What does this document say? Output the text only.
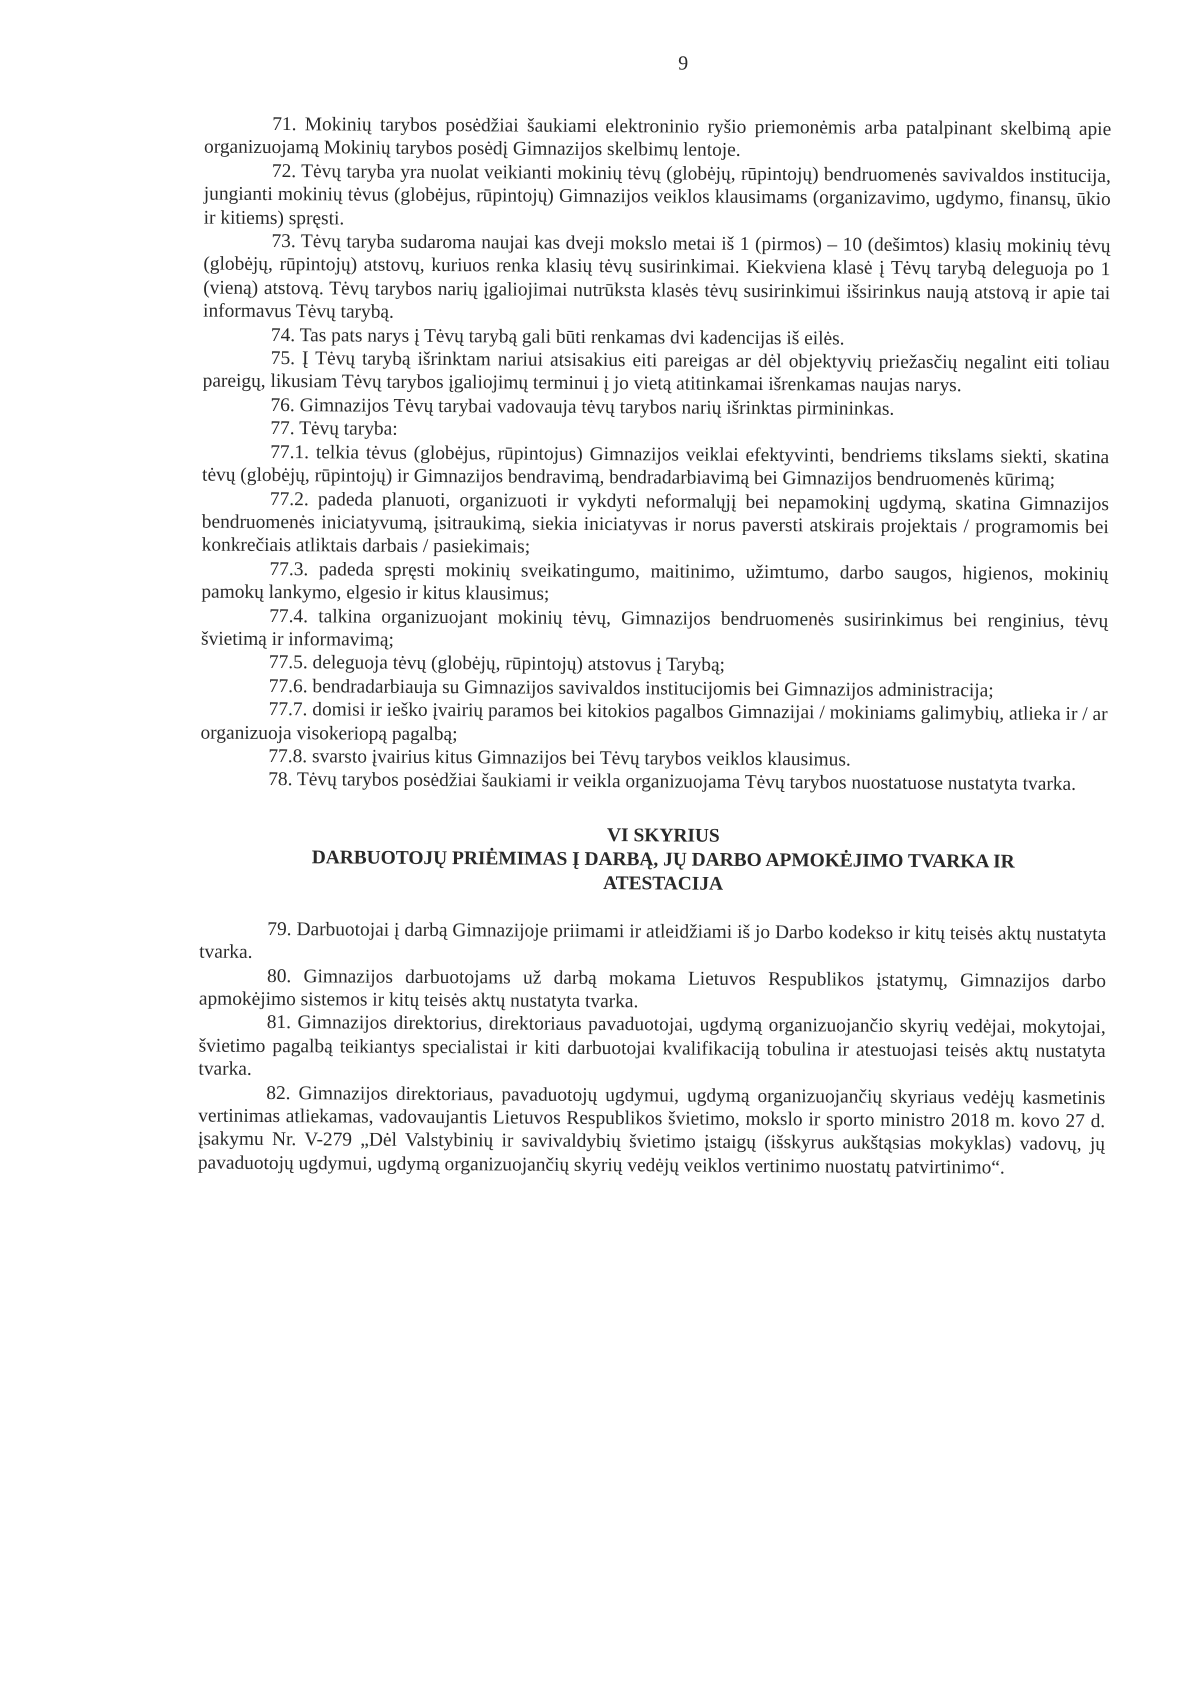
9

71. Mokinių tarybos posėdžiai šaukiami elektroninio ryšio priemonėmis arba patalpinant skelbimą apie organizuojamą Mokinių tarybos posėdį Gimnazijos skelbimų lentoje.

72. Tėvų taryba yra nuolat veikianti mokinių tėvų (globėjų, rūpintojų) bendruomenės savivaldos institucija, jungianti mokinių tėvus (globėjus, rūpintojų) Gimnazijos veiklos klausimams (organizavimo, ugdymo, finansų, ūkio ir kitiems) spręsti.

73. Tėvų taryba sudaroma naujai kas dveji mokslo metai iš 1 (pirmos) – 10 (dešimtos) klasių mokinių tėvų (globėjų, rūpintojų) atstovų, kuriuos renka klasių tėvų susirinkimai. Kiekviena klasė į Tėvų tarybą deleguoja po 1 (vieną) atstovą. Tėvų tarybos narių įgaliojimai nutrūksta klasės tėvų susirinkimui išsirinkus naują atstovą ir apie tai informavus Tėvų tarybą.

74. Tas pats narys į Tėvų tarybą gali būti renkamas dvi kadencijas iš eilės.

75. Į Tėvų tarybą išrinktam nariui atsisakius eiti pareigas ar dėl objektyvių priežasčių negalint eiti toliau pareigų, likusiam Tėvų tarybos įgaliojimų terminui į jo vietą atitinkamai išrenkamas naujas narys.

76. Gimnazijos Tėvų tarybai vadovauja tėvų tarybos narių išrinktas pirmininkas.

77. Tėvų taryba:

77.1. telkia tėvus (globėjus, rūpintojus) Gimnazijos veiklai efektyvinti, bendriems tikslams siekti, skatina tėvų (globėjų, rūpintojų) ir Gimnazijos bendravimą, bendradarbiavimą bei Gimnazijos bendruomenės kūrimą;

77.2. padeda planuoti, organizuoti ir vykdyti neformalųjį bei nepamokinį ugdymą, skatina Gimnazijos bendruomenės iniciatyvumą, įsitraukimą, siekia iniciatyvas ir norus paversti atskirais projektais / programomis bei konkrečiais atliktais darbais / pasiekimais;

77.3. padeda spręsti mokinių sveikatingumo, maitinimo, užimtumo, darbo saugos, higienos, mokinių pamokų lankymo, elgesio ir kitus klausimus;

77.4. talkina organizuojant mokinių tėvų, Gimnazijos bendruomenės susirinkimus bei renginius, tėvų švietimą ir informavimą;

77.5. deleguoja tėvų (globėjų, rūpintojų) atstovus į Tarybą;

77.6. bendradarbiauja su Gimnazijos savivaldos institucijomis bei Gimnazijos administracija;

77.7. domisi ir ieško įvairių paramos bei kitokios pagalbos Gimnazijai / mokiniams galimybių, atlieka ir / ar organizuoja visokeriopą pagalbą;

77.8. svarsto įvairius kitus Gimnazijos bei Tėvų tarybos veiklos klausimus.

78. Tėvų tarybos posėdžiai šaukiami ir veikla organizuojama Tėvų tarybos nuostatuose nustatyta tvarka.

VI SKYRIUS
DARBUOTOJŲ PRIĖMIMAS Į DARBĄ, JŲ DARBO APMOKĖJIMO TVARKA IR
ATESTACIJA

79. Darbuotojai į darbą Gimnazijoje priimami ir atleidžiami iš jo Darbo kodekso ir kitų teisės aktų nustatyta tvarka.

80. Gimnazijos darbuotojams už darbą mokama Lietuvos Respublikos įstatymų, Gimnazijos darbo apmokėjimo sistemos ir kitų teisės aktų nustatyta tvarka.

81. Gimnazijos direktorius, direktoriaus pavaduotojai, ugdymą organizuojančio skyrių vedėjai, mokytojai, švietimo pagalbą teikiantys specialistai ir kiti darbuotojai kvalifikaciją tobulina ir atestuojasi teisės aktų nustatyta tvarka.

82. Gimnazijos direktoriaus, pavaduotojų ugdymui, ugdymą organizuojančių skyriaus vedėjų kasmetinis vertinimas atliekamas, vadovaujantis Lietuvos Respublikos švietimo, mokslo ir sporto ministro 2018 m. kovo 27 d. įsakymu Nr. V-279 „Dėl Valstybinių ir savivaldybių švietimo įstaigų (išskyrus aukštąsias mokyklas) vadovų, jų pavaduotojų ugdymui, ugdymą organizuojančių skyrių vedėjų veiklos vertinimo nuostatų patvirtinimo“.
